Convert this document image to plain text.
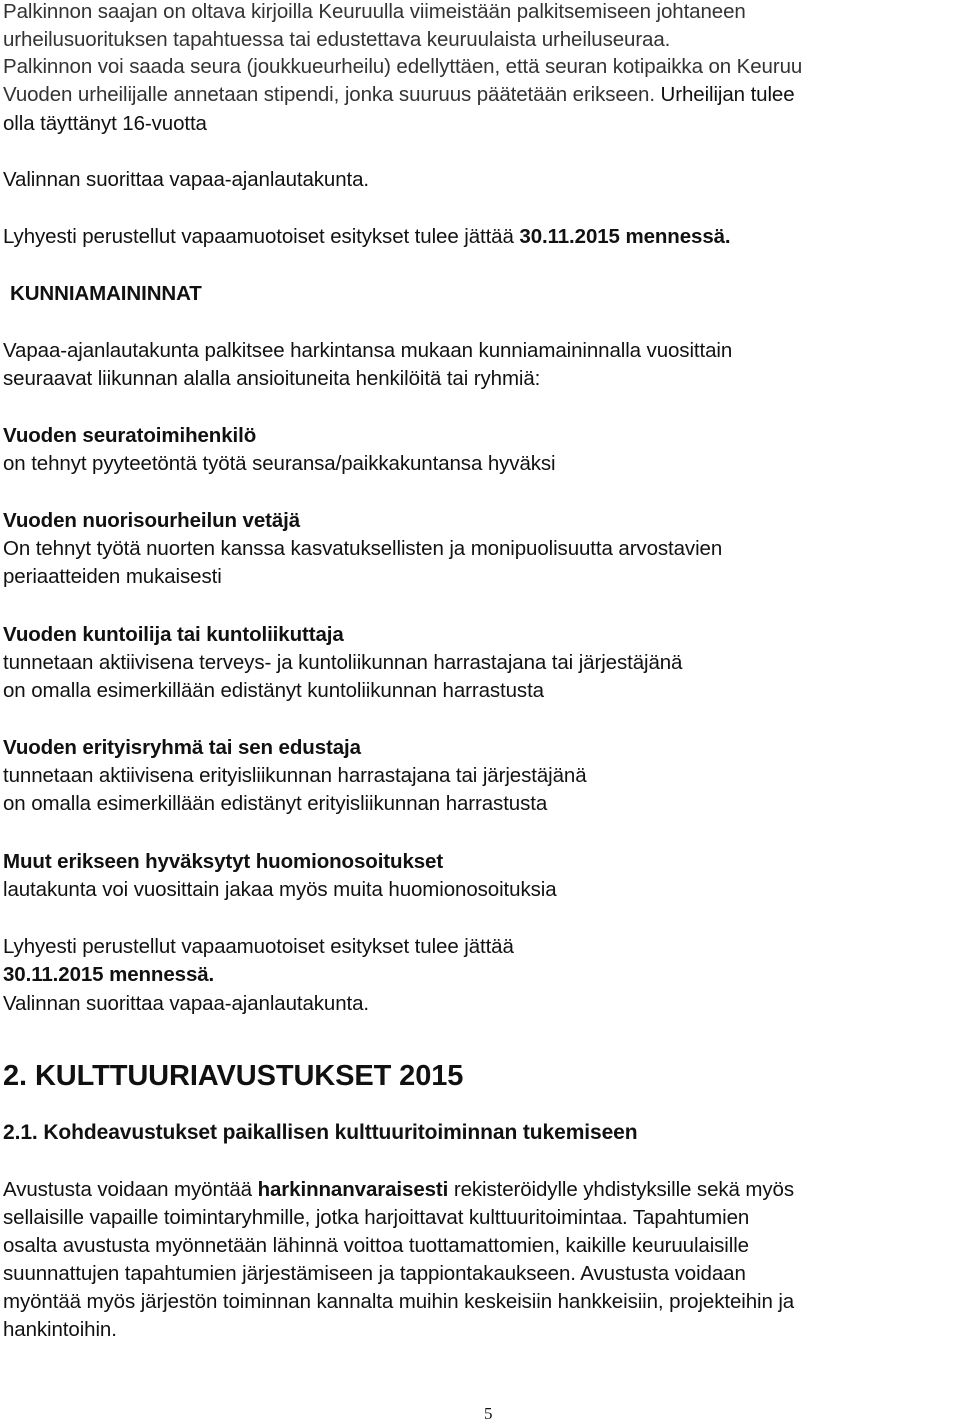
Palkinnon saajan on oltava kirjoilla Keuruulla viimeistään palkitsemiseen johtaneen
urheilusuorituksen tapahtuessa tai edustettava keuruulaista urheiluseuraa.
Palkinnon voi saada seura (joukkueurheilu) edellyttäen, että seuran kotipaikka on Keuruu
Vuoden urheilijalle annetaan stipendi, jonka suuruus päätetään erikseen. Urheilijan tulee
olla täyttänyt 16-vuotta
Valinnan suorittaa vapaa-ajanlautakunta.
Lyhyesti perustellut vapaamuotoiset esitykset tulee jättää 30.11.2015 mennessä.
KUNNIAMAININNAT
Vapaa-ajanlautakunta palkitsee harkintansa mukaan kunniamaininnalla vuosittain
seuraavat liikunnan alalla ansioituneita henkilöitä tai ryhmiä:
Vuoden seuratoimihenkilö
on tehnyt pyyteetöntä työtä seuransa/paikkakuntansa hyväksi
Vuoden nuorisourheilun vetäjä
On tehnyt työtä nuorten kanssa kasvatuksellisten ja monipuolisuutta arvostavien
periaatteiden mukaisesti
Vuoden kuntoilija tai kuntoliikuttaja
tunnetaan aktiivisena terveys- ja kuntoliikunnan harrastajana tai järjestäjänä
on omalla esimerkillään edistänyt kuntoliikunnan harrastusta
Vuoden erityisryhmä tai sen edustaja
tunnetaan aktiivisena erityisliikunnan harrastajana tai järjestäjänä
on omalla esimerkillään edistänyt erityisliikunnan harrastusta
Muut erikseen hyväksytyt huomionosoitukset
lautakunta voi vuosittain jakaa myös muita huomionosoituksia
Lyhyesti perustellut vapaamuotoiset esitykset tulee jättää
30.11.2015 mennessä.
Valinnan suorittaa vapaa-ajanlautakunta.
2. KULTTUURIAVUSTUKSET 2015
2.1. Kohdeavustukset paikallisen kulttuuritoiminnan tukemiseen
Avustusta voidaan myöntää harkinnanvaraisesti rekisteröidylle yhdistyksille sekä myös
sellaisille vapaille toimintaryhmille, jotka harjoittavat kulttuuritoimintaa. Tapahtumien
osalta avustusta myönnetään lähinnä voittoa tuottamattomien, kaikille keuruulaisille
suunnattujen tapahtumien järjestämiseen ja tappiontakaukseen. Avustusta voidaan
myöntää myös järjestön toiminnan kannalta muihin keskeisiin hankkeisiin, projekteihin ja
hankintoihin.
5
